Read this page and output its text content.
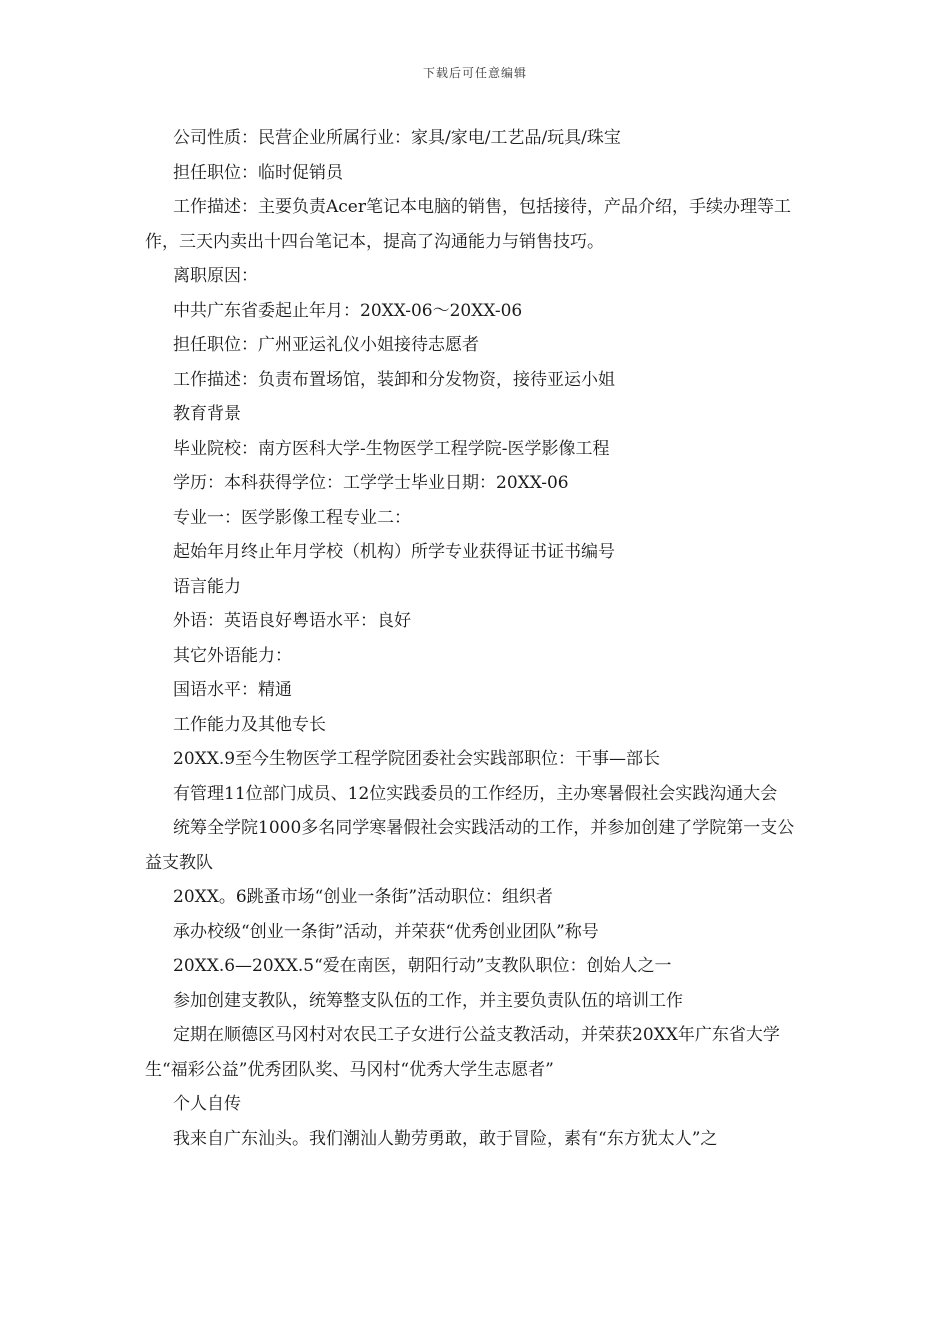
下载后可任意编辑

公司性质：民营企业所属行业：家具/家电/工艺品/玩具/珠宝

担任职位：临时促销员

工作描述：主要负责Acer笔记本电脑的销售，包括接待，产品介绍，手续办理等工作，三天内卖出十四台笔记本，提高了沟通能力与销售技巧。

离职原因：

中共广东省委起止年月：20XX-06～20XX-06

担任职位：广州亚运礼仪小姐接待志愿者

工作描述：负责布置场馆，装卸和分发物资，接待亚运小姐

教育背景

毕业院校：南方医科大学-生物医学工程学院-医学影像工程

学历：本科获得学位：工学学士毕业日期：20XX-06

专业一：医学影像工程专业二：

起始年月终止年月学校（机构）所学专业获得证书证书编号

语言能力

外语：英语良好粤语水平：良好

其它外语能力：

国语水平：精通

工作能力及其他专长

20XX.9至今生物医学工程学院团委社会实践部职位：干事—部长

有管理11位部门成员、12位实践委员的工作经历，主办寒暑假社会实践沟通大会

统筹全学院1000多名同学寒暑假社会实践活动的工作，并参加创建了学院第一支公益支教队

20XX。6跳蚤市场“创业一条街”活动职位：组织者

承办校级“创业一条街”活动，并荣获“优秀创业团队”称号

20XX.6—20XX.5“爱在南医，朝阳行动”支教队职位：创始人之一

参加创建支教队，统筹整支队伍的工作，并主要负责队伍的培训工作

定期在顺德区马冈村对农民工子女进行公益支教活动，并荣获20XX年广东省大学生“福彩公益”优秀团队奖、马冈村“优秀大学生志愿者”

个人自传

我来自广东汕头。我们潮汕人勤劳勇敢，敢于冒险，素有“东方犹太人”之
